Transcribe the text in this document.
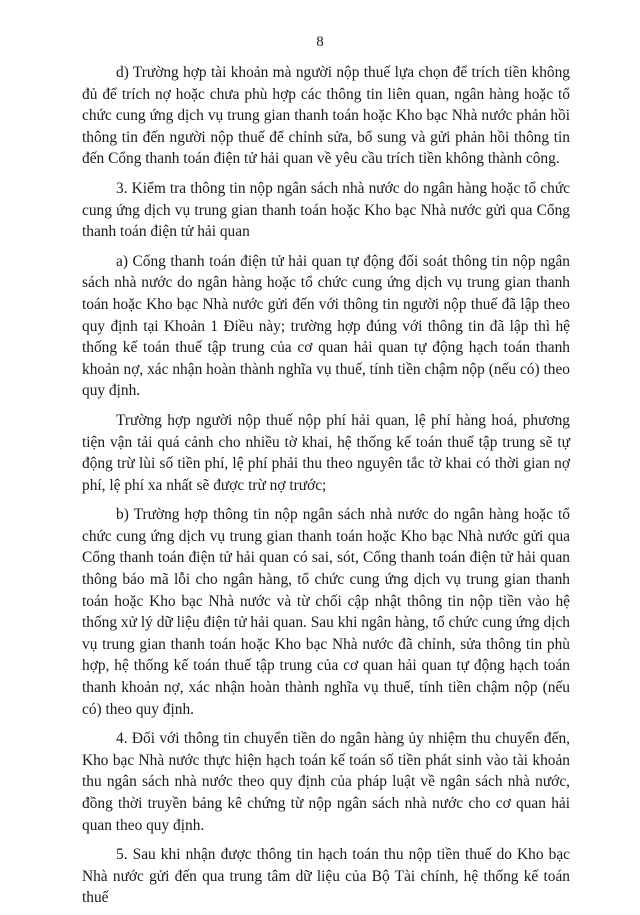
8

d) Trường hợp tài khoản mà người nộp thuế lựa chọn để trích tiền không đủ để trích nợ hoặc chưa phù hợp các thông tin liên quan, ngân hàng hoặc tổ chức cung ứng dịch vụ trung gian thanh toán hoặc Kho bạc Nhà nước phản hồi thông tin đến người nộp thuế để chỉnh sửa, bổ sung và gửi phản hồi thông tin đến Cổng thanh toán điện tử hải quan về yêu cầu trích tiền không thành công.

3. Kiểm tra thông tin nộp ngân sách nhà nước do ngân hàng hoặc tổ chức cung ứng dịch vụ trung gian thanh toán hoặc Kho bạc Nhà nước gửi qua Cổng thanh toán điện tử hải quan

a) Cổng thanh toán điện tử hải quan tự động đối soát thông tin nộp ngân sách nhà nước do ngân hàng hoặc tổ chức cung ứng dịch vụ trung gian thanh toán hoặc Kho bạc Nhà nước gửi đến với thông tin người nộp thuế đã lập theo quy định tại Khoản 1 Điều này; trường hợp đúng với thông tin đã lập thì hệ thống kế toán thuế tập trung của cơ quan hải quan tự động hạch toán thanh khoản nợ, xác nhận hoàn thành nghĩa vụ thuế, tính tiền chậm nộp (nếu có) theo quy định.

Trường hợp người nộp thuế nộp phí hải quan, lệ phí hàng hoá, phương tiện vận tải quá cảnh cho nhiều tờ khai, hệ thống kế toán thuế tập trung sẽ tự động trừ lùi số tiền phí, lệ phí phải thu theo nguyên tắc tờ khai có thời gian nợ phí, lệ phí xa nhất sẽ được trừ nợ trước;

b) Trường hợp thông tin nộp ngân sách nhà nước do ngân hàng hoặc tổ chức cung ứng dịch vụ trung gian thanh toán hoặc Kho bạc Nhà nước gửi qua Cổng thanh toán điện tử hải quan có sai, sót, Cổng thanh toán điện tử hải quan thông báo mã lỗi cho ngân hàng, tổ chức cung ứng dịch vụ trung gian thanh toán hoặc Kho bạc Nhà nước và từ chối cập nhật thông tin nộp tiền vào hệ thống xử lý dữ liệu điện tử hải quan. Sau khi ngân hàng, tổ chức cung ứng dịch vụ trung gian thanh toán hoặc Kho bạc Nhà nước đã chỉnh, sửa thông tin phù hợp, hệ thống kế toán thuế tập trung của cơ quan hải quan tự động hạch toán thanh khoản nợ, xác nhận hoàn thành nghĩa vụ thuế, tính tiền chậm nộp (nếu có) theo quy định.

4. Đối với thông tin chuyển tiền do ngân hàng ủy nhiệm thu chuyển đến, Kho bạc Nhà nước thực hiện hạch toán kế toán số tiền phát sinh vào tài khoản thu ngân sách nhà nước theo quy định của pháp luật về ngân sách nhà nước, đồng thời truyền bảng kê chứng từ nộp ngân sách nhà nước cho cơ quan hải quan theo quy định.

5. Sau khi nhận được thông tin hạch toán thu nộp tiền thuế do Kho bạc Nhà nước gửi đến qua trung tâm dữ liệu của Bộ Tài chính, hệ thống kế toán thuế
